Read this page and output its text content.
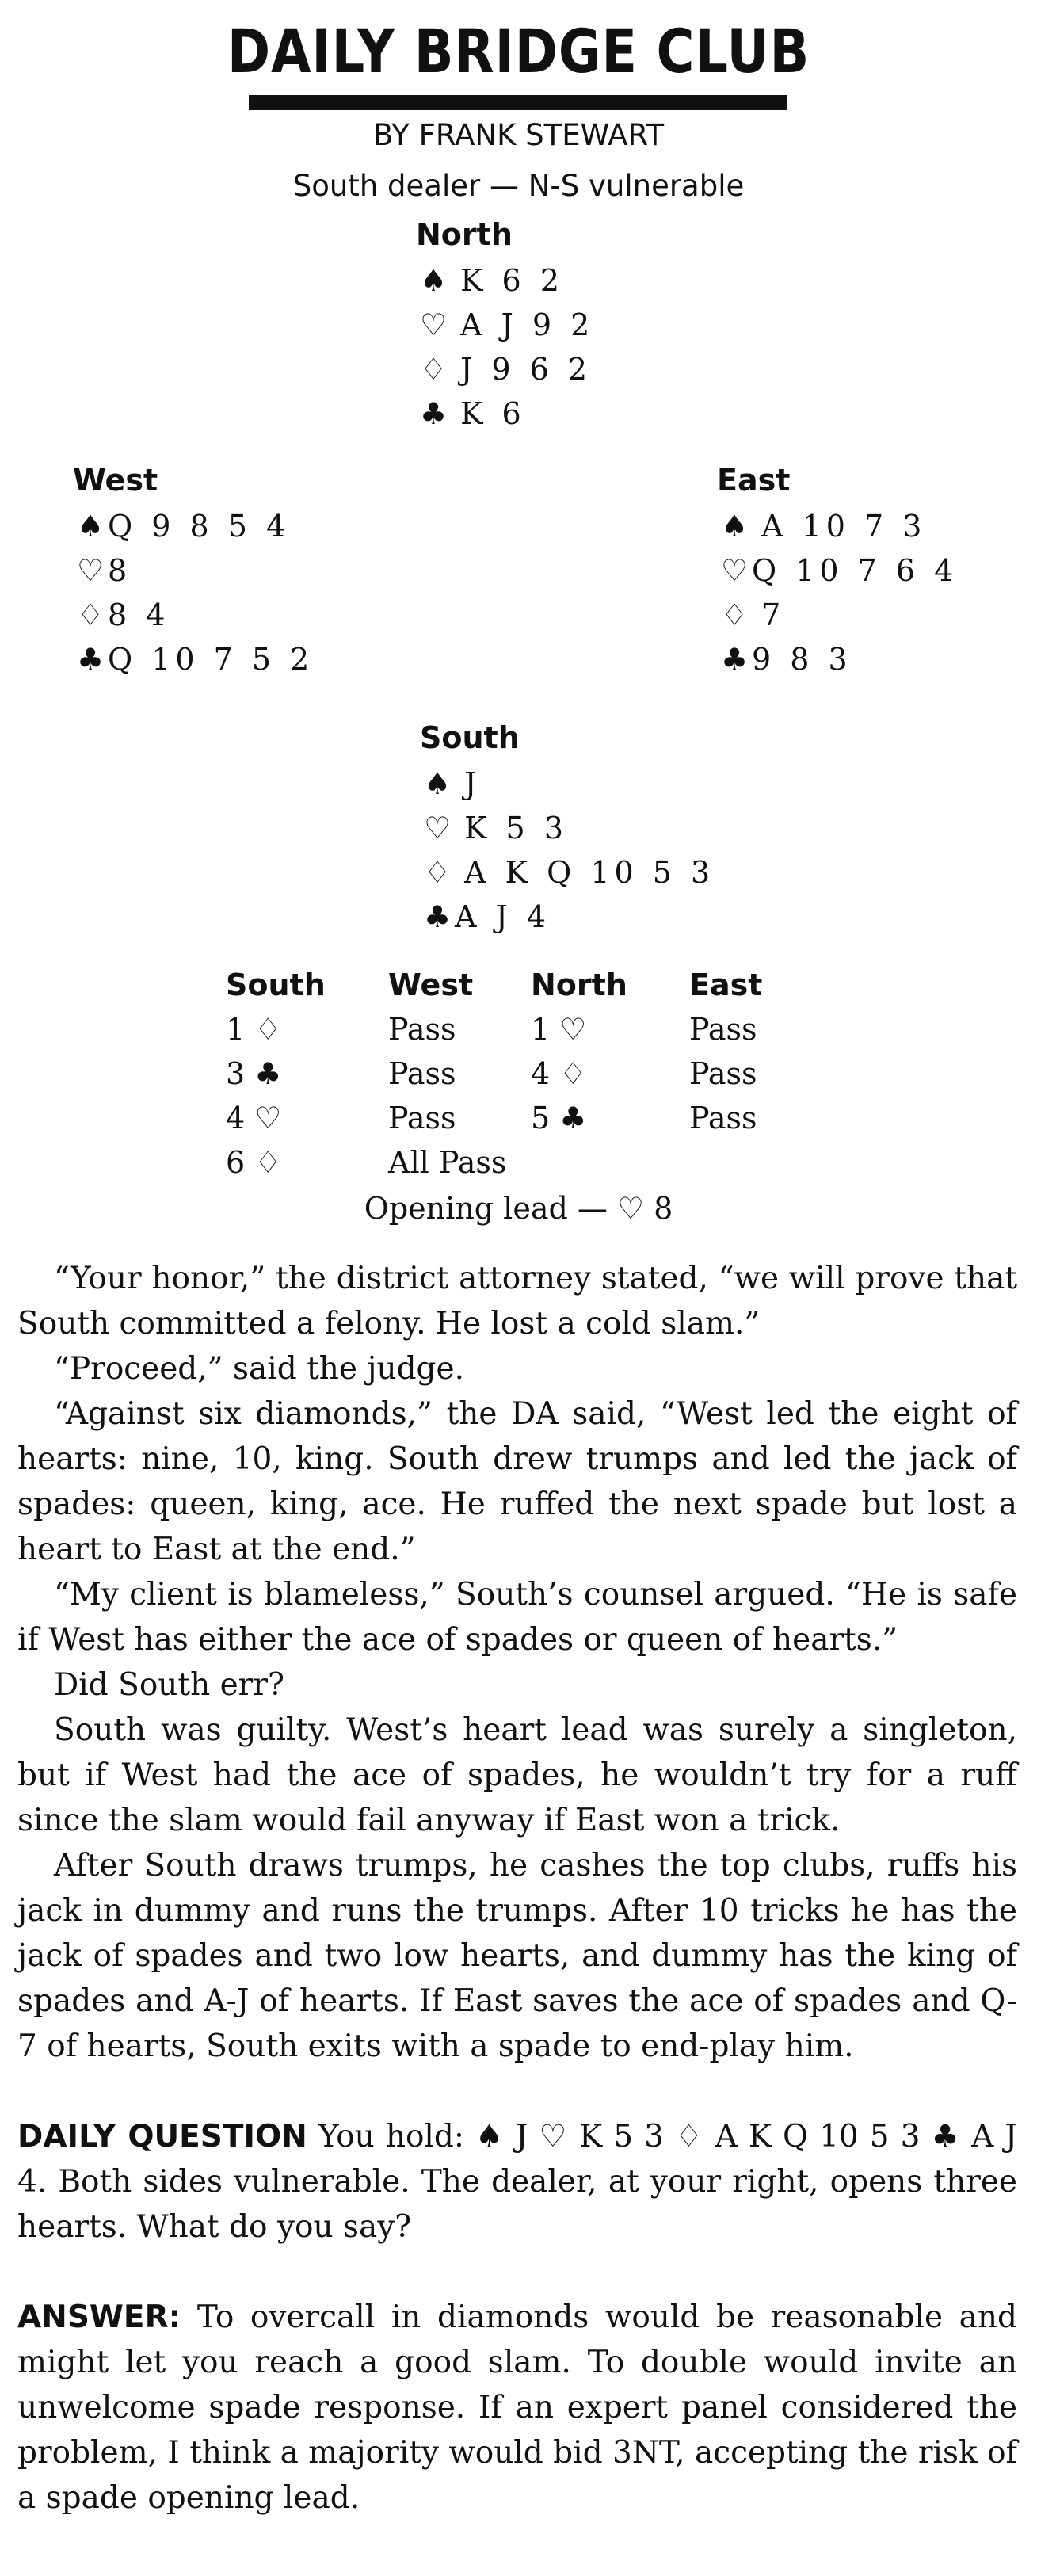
DAILY BRIDGE CLUB
BY FRANK STEWART
South dealer — N-S vulnerable
North
♠ K 6 2
♡ A J 9 2
♢ J 9 6 2
♣ K 6
West
♠ Q 9 8 5 4
♡ 8
♢ 8 4
♣ Q 10 7 5 2
East
♠ A 10 7 3
♡ Q 10 7 6 4
♢ 7
♣ 9 8 3
South
♠ J
♡ K 5 3
♢ A K Q 10 5 3
♣ A J 4
South West North East
1 ♢	Pass 1 ♡	Pass
3 ♣	Pass 4 ♢	Pass
4 ♡	Pass 5 ♣	Pass
6 ♢	All Pass
Opening lead — ♡ 8

“Your honor,” the district attorney stated, “we will prove that South committed a felony. He lost a cold slam.”

“Proceed,” said the judge.

“Against six diamonds,” the DA said, “West led the eight of hearts: nine, 10, king. South drew trumps and led the jack of spades: queen, king, ace. He ruffed the next spade but lost a heart to East at the end.”

“My client is blameless,” South’s counsel argued. “He is safe if West has either the ace of spades or queen of hearts.”

Did South err?

South was guilty. West’s heart lead was surely a singleton, but if West had the ace of spades, he wouldn’t try for a ruff since the slam would fail anyway if East won a trick.

After South draws trumps, he cashes the top clubs, ruffs his jack in dummy and runs the trumps. After 10 tricks he has the jack of spades and two low hearts, and dummy has the king of spades and A-J of hearts. If East saves the ace of spades and Q-7 of hearts, South exits with a spade to end-play him.

DAILY QUESTION You hold: ♠ J ♡ K 5 3 ♢ A K Q 10 5 3 ♣ A J 4. Both sides vulnerable. The dealer, at your right, opens three hearts. What do you say?

ANSWER: To overcall in diamonds would be reasonable and might let you reach a good slam. To double would invite an unwelcome spade response. If an expert panel considered the problem, I think a majority would bid 3NT, accepting the risk of a spade opening lead.
